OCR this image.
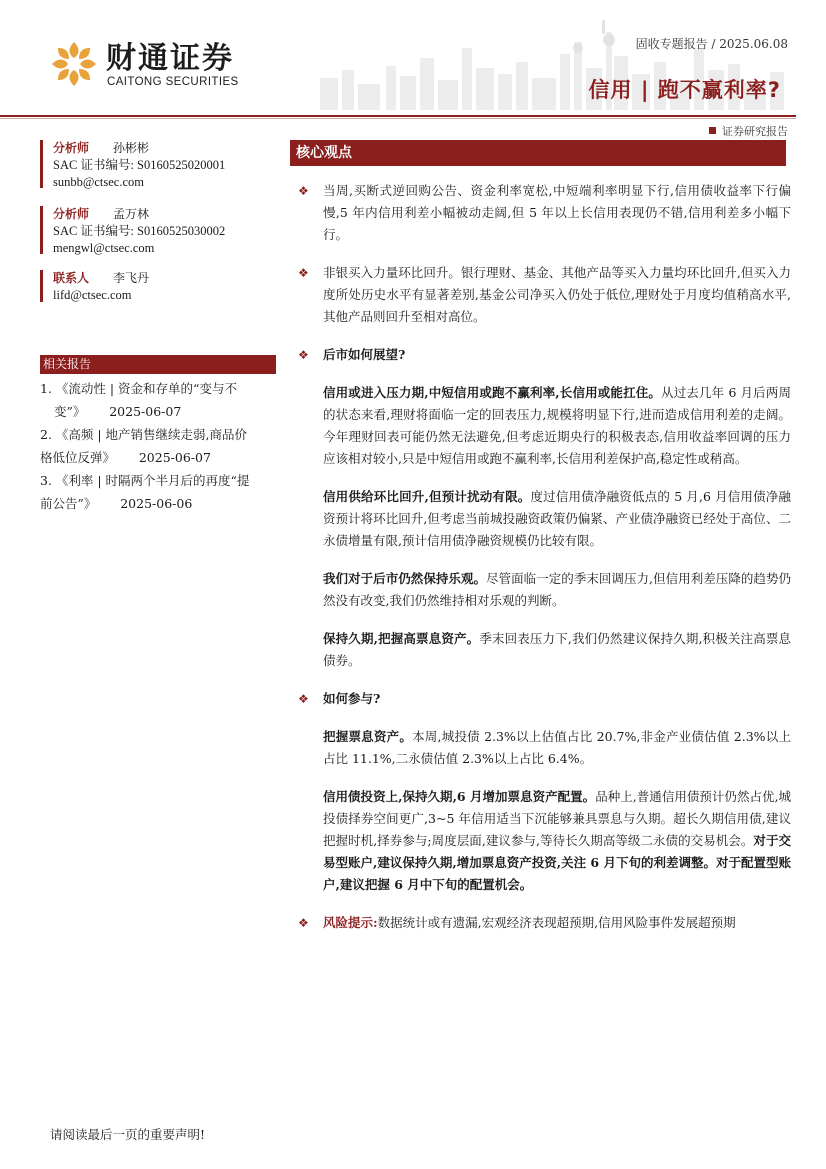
财通证券
CAITONG SECURITIES
固收专题报告 / 2025.06.08
信用 | 跑不赢利率?
证券研究报告
分析师 孙彬彬
SAC 证书编号: S0160525020001
sunbb@ctsec.com
分析师 孟万林
SAC 证书编号: S0160525030002
mengwl@ctsec.com
联系人 李飞丹
lifd@ctsec.com
相关报告
1. 《流动性 | 资金和存单的“变与不
变”》      2025-06-07
2. 《高频 | 地产销售继续走弱,商品价
格低位反弹》      2025-06-07
3. 《利率 | 时隔两个半月后的再度“提
前公告”》      2025-06-06
核心观点
❖ 当周,买断式逆回购公告、资金利率宽松,中短端利率明显下行,信用债收益率下行偏慢,5 年内信用利差小幅被动走阔,但 5 年以上长信用表现仍不错,信用利差多小幅下行。
❖ 非银买入力量环比回升。银行理财、基金、其他产品等买入力量均环比回升,但买入力度所处历史水平有显著差别,基金公司净买入仍处于低位,理财处于月度均值稍高水平,其他产品则回升至相对高位。
❖ 后市如何展望?
信用或进入压力期,中短信用或跑不赢利率,长信用或能扛住。从过去几年 6 月后两周的状态来看,理财将面临一定的回表压力,规模将明显下行,进而造成信用利差的走阔。今年理财回表可能仍然无法避免,但考虑近期央行的积极表态,信用收益率回调的压力应该相对较小,只是中短信用或跑不赢利率,长信用利差保护高,稳定性或稍高。
信用供给环比回升,但预计扰动有限。度过信用债净融资低点的 5 月,6 月信用债净融资预计将环比回升,但考虑当前城投融资政策仍偏紧、产业债净融资已经处于高位、二永债增量有限,预计信用债净融资规模仍比较有限。
我们对于后市仍然保持乐观。尽管面临一定的季末回调压力,但信用利差压降的趋势仍然没有改变,我们仍然维持相对乐观的判断。
保持久期,把握高票息资产。季末回表压力下,我们仍然建议保持久期,积极关注高票息债券。
❖ 如何参与?
把握票息资产。本周,城投债 2.3%以上估值占比 20.7%,非金产业债估值 2.3%以上占比 11.1%,二永债估值 2.3%以上占比 6.4%。
信用债投资上,保持久期,6 月增加票息资产配置。品种上,普通信用债预计仍然占优,城投债择券空间更广,3~5 年信用适当下沉能够兼具票息与久期。超长久期信用债,建议把握时机,择券参与;周度层面,建议参与,等待长久期高等级二永债的交易机会。对于交易型账户,建议保持久期,增加票息资产投资,关注 6 月下旬的利差调整。对于配置型账户,建议把握 6 月中下旬的配置机会。
❖ 风险提示:数据统计或有遗漏,宏观经济表现超预期,信用风险事件发展超预期
请阅读最后一页的重要声明!
